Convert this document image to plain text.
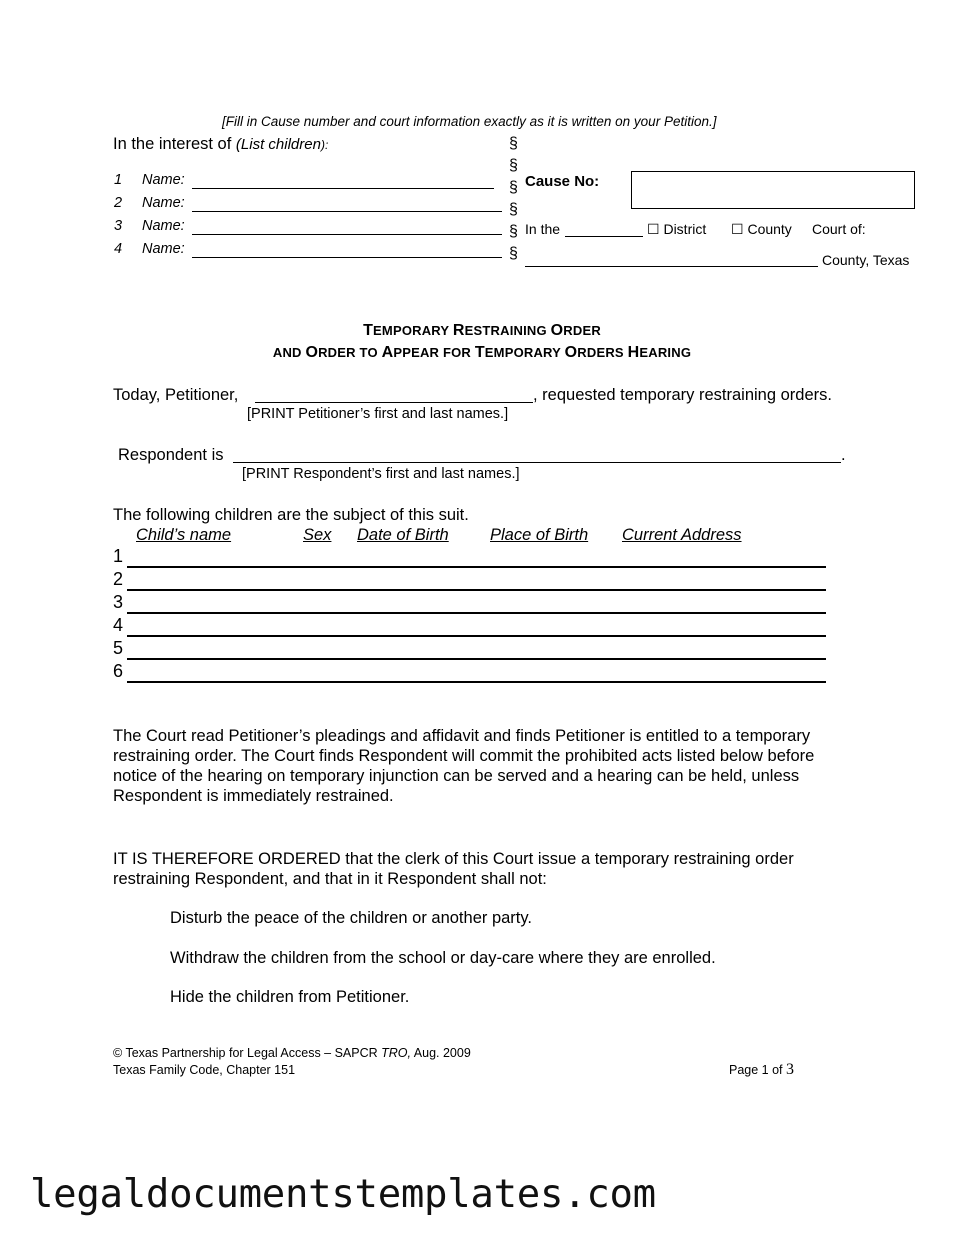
[Fill in Cause number and court information exactly as it is written on your Petition.]
In the interest of (List children):
1 Name:
2 Name:
3 Name:
4 Name:
§
§
§
§
§
§
Cause No:
In the	☐ District ☐ County Court of:
County, Texas
TEMPORARY RESTRAINING ORDER
AND ORDER TO APPEAR FOR TEMPORARY ORDERS HEARING
Today, Petitioner,	, requested temporary restraining orders.
[PRINT Petitioner’s first and last names.]
Respondent is	.
[PRINT Respondent’s first and last names.]
The following children are the subject of this suit.
Child’s name	Sex Date of Birth	Place of Birth Current Address
1
2
3
4
5
6
The Court read Petitioner’s pleadings and affidavit and finds Petitioner is entitled to a temporary restraining order. The Court finds Respondent will commit the prohibited acts listed below before notice of the hearing on temporary injunction can be served and a hearing can be held, unless Respondent is immediately restrained.
IT IS THEREFORE ORDERED that the clerk of this Court issue a temporary restraining order restraining Respondent, and that in it Respondent shall not:
Disturb the peace of the children or another party.
Withdraw the children from the school or day-care where they are enrolled.
Hide the children from Petitioner.
© Texas Partnership for Legal Access – SAPCR TRO, Aug. 2009
Texas Family Code, Chapter 151	Page 1 of 3
legaldocumentstemplates.com
